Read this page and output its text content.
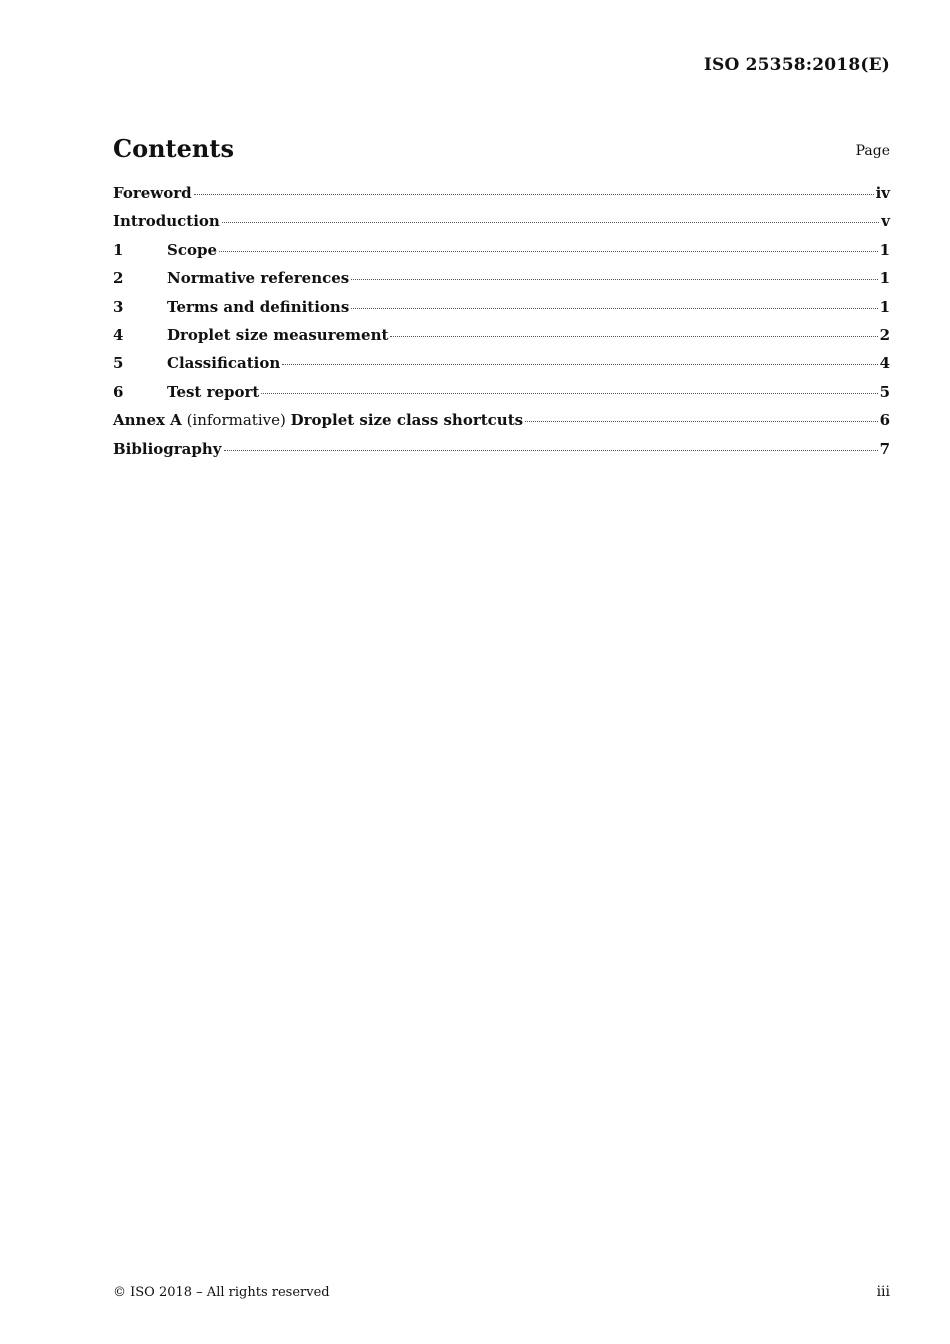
ISO 25358:2018(E)
Contents	Page
Foreword	iv
Introduction	v
1	Scope	1
2	Normative references	1
3	Terms and definitions	1
4	Droplet size measurement	2
5	Classification	4
6	Test report	5
Annex A (informative) Droplet size class shortcuts	6
Bibliography	7
© ISO 2018 – All rights reserved	iii
